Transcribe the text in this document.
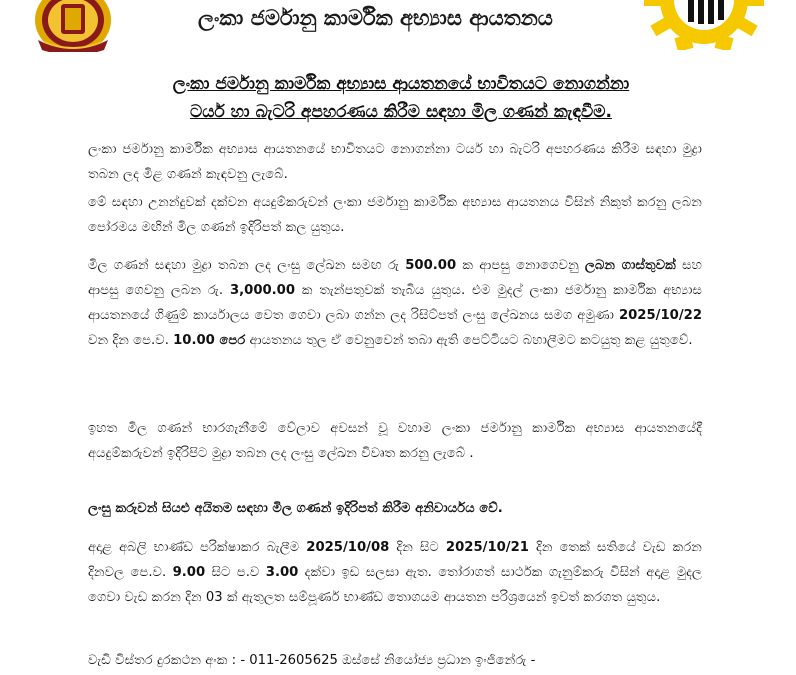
ලංකා ජර්මානු කාර්මික අභ්‍යාස ආයතනය
ලංකා ජර්මානු කාර්මික අභ්‍යාස ආයතනයේ භාවිතයට නොගන්නා
ටයර් හා බැටරි අපහරණය කිරීම සඳහා මිල ගණන් කැඳවීම.
ලංකා ජර්මානු කාර්මික අභ්‍යාස ආයතනයේ භාවිතයට නොගන්නා ටයර් හා බැටරි අපහරණය කිරීම සඳහා මුද්‍රා තබන ලද මිළ ගණන් කැඳවනු ලැබේ.
මේ සඳහා උනන්දුවක් දක්වන අයදුම්කරුවන් ලංකා ජර්මානු කාර්මික අභ්‍යාස ආයතනය විසින් නිකුත් කරනු ලබන පෝරමය මඟින් මිල ගණන් ඉදිරිපත් කල යුතුය.
මිල ගණන් සඳහා මුද්‍රා තබන ලද ලංසු ලේඛන සමඟ රු 500.00 ක ආපසු නොගෙවනු ලබන ගාස්තුවක් සහ ආපසු ගෙවනු ලබන රු. 3,000.00 ක තැන්පතුවක් තැබිය යුතුය. එම මුදල් ලංකා ජර්මානු කාර්මික අභ්‍යාස ආයතනයේ ගිණුම් කාර්යාලය වෙත ගෙවා ලබා ගන්න ලද රිසිට්පත් ලංසු ලේඛනය සමග අමුණා 2025/10/22 වන දින පෙ.ව. 10.00 පෙර ආයතනය තුල ඒ වෙනුවෙන් තබා ඇති පෙට්ටියට බහාලීමට කටයුතු කළ යුතුවේ.
ඉහත මිල ගණන් භාරගැනීමේ වේලාව අවසන් වූ වහාම ලංකා ජර්මානු කාර්මික අභ්‍යාස ආයතනයේදී අයදුම්කරුවන් ඉදිරිපිට මුද්‍රා තබන ලද ලංසු ලේඛන විවෘත කරනු ලැබේ .
ලංසු කරුවන් සියළු අයිතම සඳහා මිල ගණන් ඉදිරිපත් කිරීම අනිවාර්යය වේ.
අදාළ අබලි භාණ්ඩ පරික්ෂාකර බැලීම 2025/10/08 දින සිට 2025/10/21 දින තෙක් සතියේ වැඩ කරන දිනවල පෙ.ව. 9.00 සිට ප.ව 3.00 දක්වා ඉඩ සලසා ඇත. තෝරාගත් සාර්ථක ගැනුම්කරු විසින් අදාළ මුදල ගෙවා වැඩ කරන දින 03 ක් ඇතුලත සම්පූර්ණ භාණ්ඩ තොගයම ආයතන පරිශ්‍රයෙන් ඉවත් කරගත යුතුය.
වැඩි විස්තර දුරකථන අංක : - 011-2605625 ඔස්සේ නියෝජ්‍ය ප්‍රධාන ඉංජිනේරු -
